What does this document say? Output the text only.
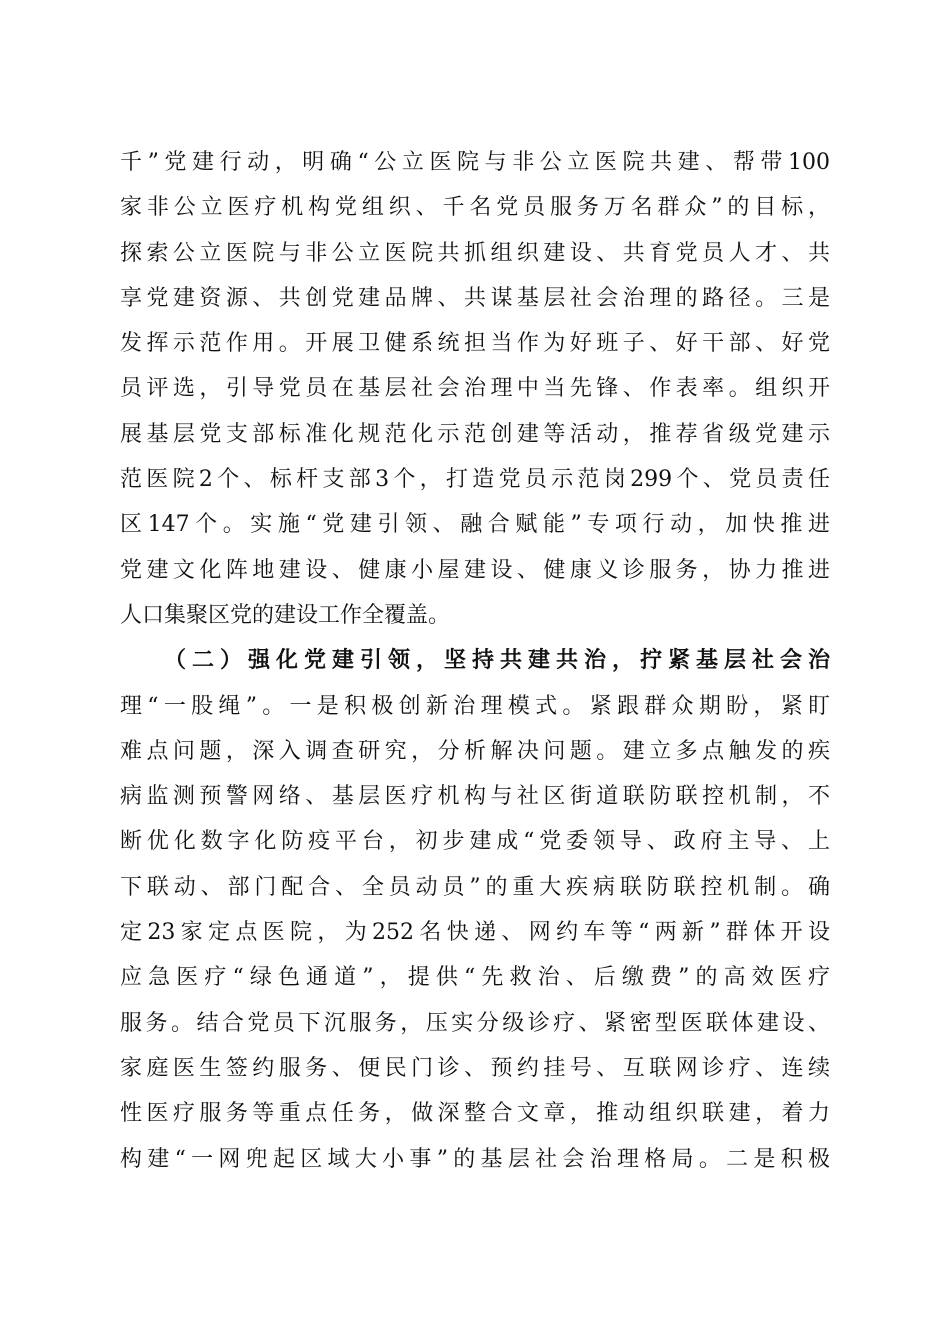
千”党建行动，明确“公立医院与非公立医院共建、帮带100
家非公立医疗机构党组织、千名党员服务万名群众”的目标，
探索公立医院与非公立医院共抓组织建设、共育党员人才、共
享党建资源、共创党建品牌、共谋基层社会治理的路径。三是
发挥示范作用。开展卫健系统担当作为好班子、好干部、好党
员评选，引导党员在基层社会治理中当先锋、作表率。组织开
展基层党支部标准化规范化示范创建等活动，推荐省级党建示
范医院2个、标杆支部3个，打造党员示范岗299个、党员责任
区147个。实施“党建引领、融合赋能”专项行动，加快推进
党建文化阵地建设、健康小屋建设、健康义诊服务，协力推进
人口集聚区党的建设工作全覆盖。
（二）强化党建引领，坚持共建共治，拧紧基层社会治
理“一股绳”。一是积极创新治理模式。紧跟群众期盼，紧盯
难点问题，深入调查研究，分析解决问题。建立多点触发的疾
病监测预警网络、基层医疗机构与社区街道联防联控机制，不
断优化数字化防疫平台，初步建成“党委领导、政府主导、上
下联动、部门配合、全员动员”的重大疾病联防联控机制。确
定23家定点医院，为252名快递、网约车等“两新”群体开设
应急医疗“绿色通道”，提供“先救治、后缴费”的高效医疗
服务。结合党员下沉服务，压实分级诊疗、紧密型医联体建设、
家庭医生签约服务、便民门诊、预约挂号、互联网诊疗、连续
性医疗服务等重点任务，做深整合文章，推动组织联建，着力
构建“一网兜起区域大小事”的基层社会治理格局。二是积极
